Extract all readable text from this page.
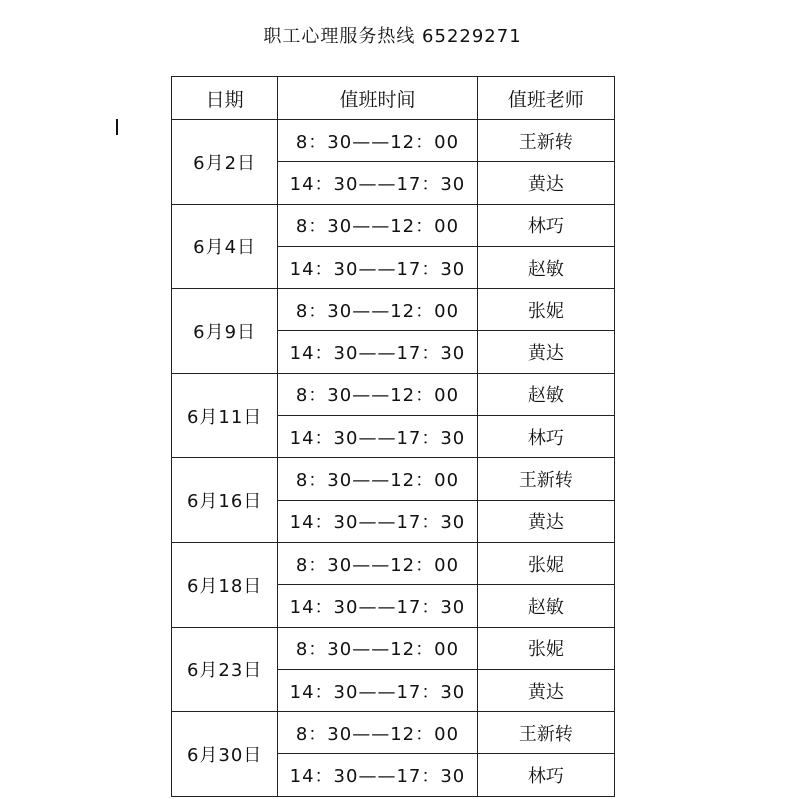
职工心理服务热线 65229271
日期	值班时间	值班老师
6月2日	8：30——12：00	王新转
	14：30——17：30	黄达
6月4日	8：30——12：00	林巧
	14：30——17：30	赵敏
6月9日	8：30——12：00	张妮
	14：30——17：30	黄达
6月11日	8：30——12：00	赵敏
	14：30——17：30	林巧
6月16日	8：30——12：00	王新转
	14：30——17：30	黄达
6月18日	8：30——12：00	张妮
	14：30——17：30	赵敏
6月23日	8：30——12：00	张妮
	14：30——17：30	黄达
6月30日	8：30——12：00	王新转
	14：30——17：30	林巧
